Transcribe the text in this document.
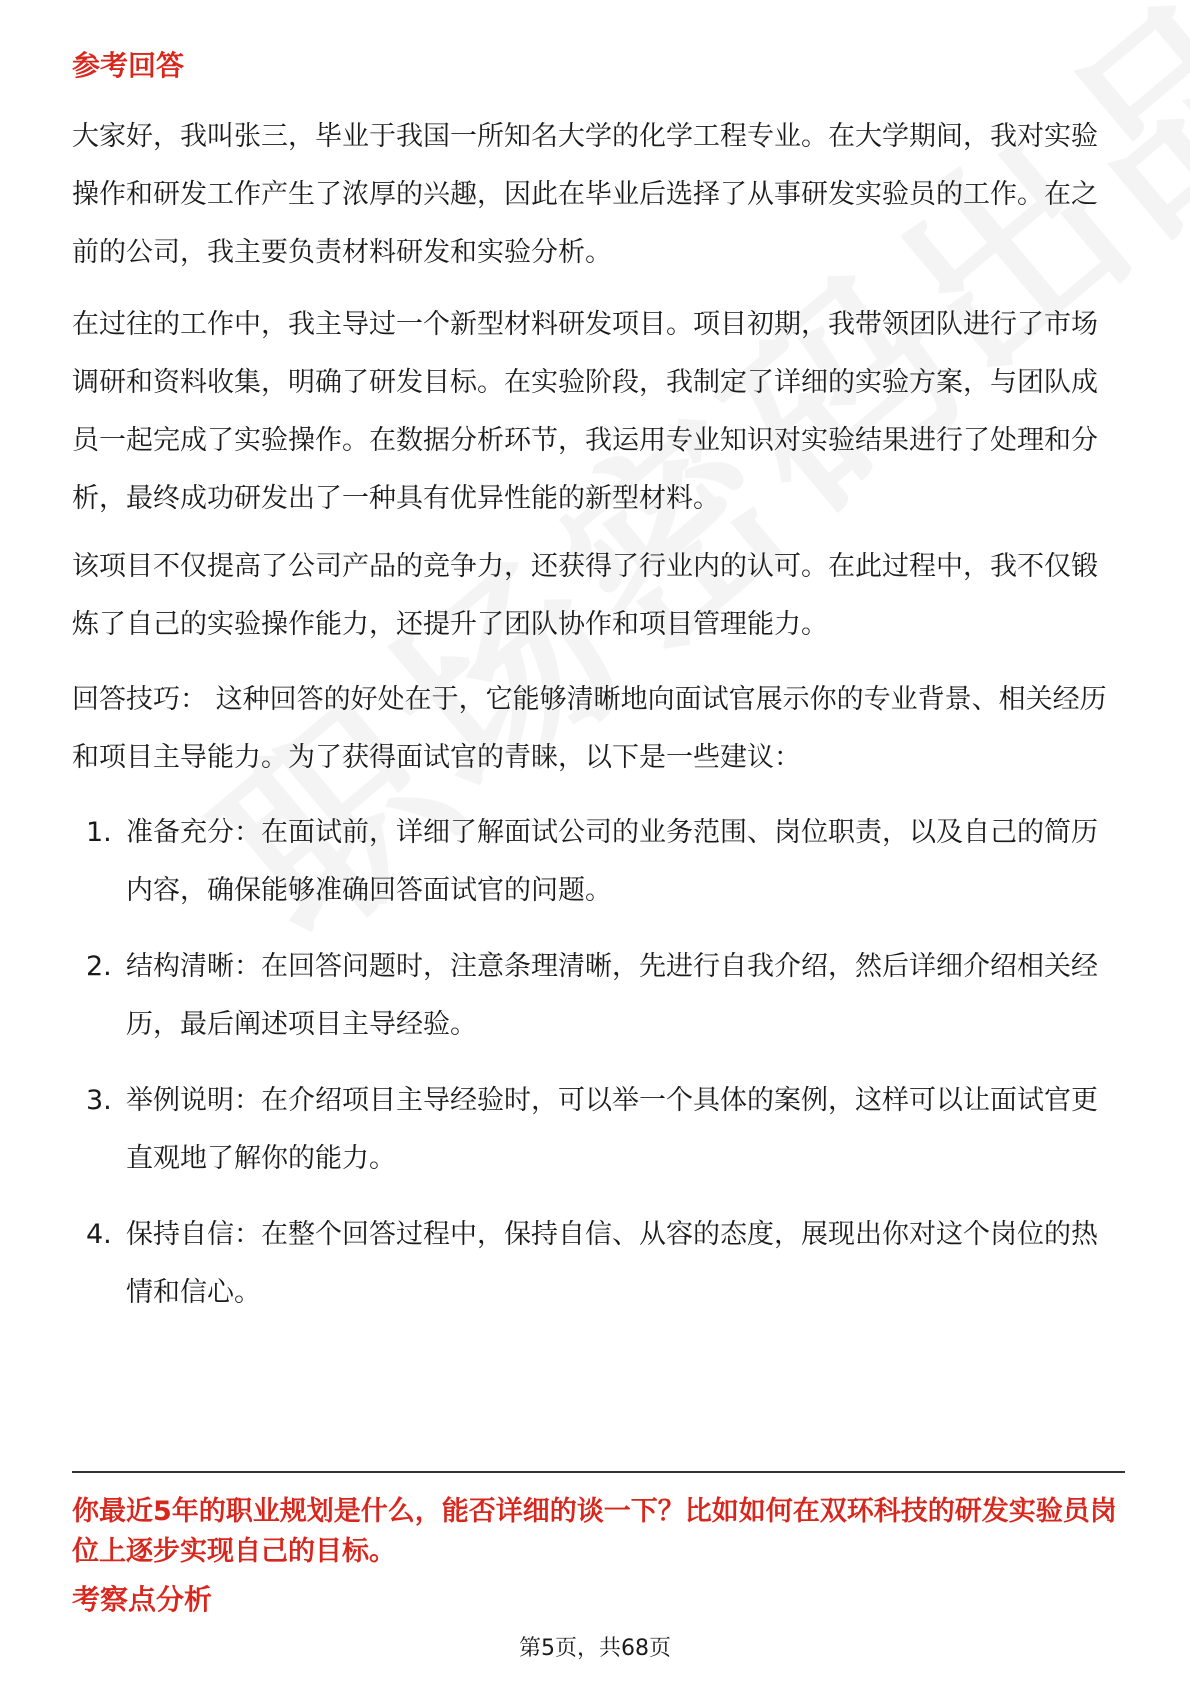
参考回答

大家好，我叫张三，毕业于我国一所知名大学的化学工程专业。在大学期间，我对实验操作和研发工作产生了浓厚的兴趣，因此在毕业后选择了从事研发实验员的工作。在之前的公司，我主要负责材料研发和实验分析。

在过往的工作中，我主导过一个新型材料研发项目。项目初期，我带领团队进行了市场调研和资料收集，明确了研发目标。在实验阶段，我制定了详细的实验方案，与团队成员一起完成了实验操作。在数据分析环节，我运用专业知识对实验结果进行了处理和分析，最终成功研发出了一种具有优异性能的新型材料。

该项目不仅提高了公司产品的竞争力，还获得了行业内的认可。在此过程中，我不仅锻炼了自己的实验操作能力，还提升了团队协作和项目管理能力。

回答技巧： 这种回答的好处在于，它能够清晰地向面试官展示你的专业背景、相关经历和项目主导能力。为了获得面试官的青睐，以下是一些建议：

1. 准备充分：在面试前，详细了解面试公司的业务范围、岗位职责，以及自己的简历内容，确保能够准确回答面试官的问题。
2. 结构清晰：在回答问题时，注意条理清晰，先进行自我介绍，然后详细介绍相关经历，最后阐述项目主导经验。
3. 举例说明：在介绍项目主导经验时，可以举一个具体的案例，这样可以让面试官更直观地了解你的能力。
4. 保持自信：在整个回答过程中，保持自信、从容的态度，展现出你对这个岗位的热情和信心。

你最近5年的职业规划是什么，能否详细的谈一下？比如如何在双环科技的研发实验员岗位上逐步实现自己的目标。

考察点分析
第5页，共68页
